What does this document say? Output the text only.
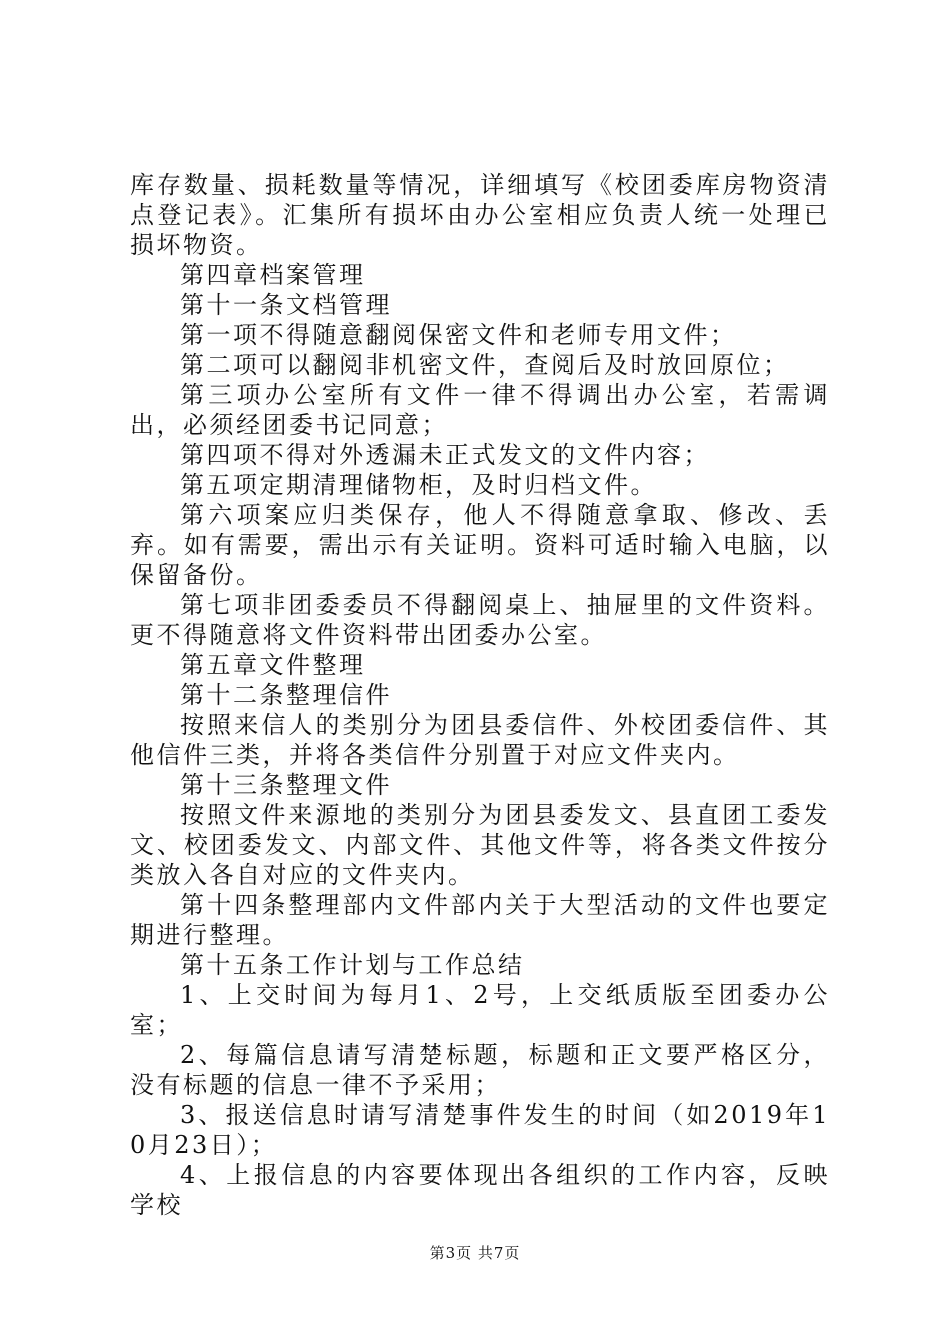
库存数量、损耗数量等情况，详细填写《校团委库房物资清点登记表》。汇集所有损坏由办公室相应负责人统一处理已损坏物资。

第四章档案管理

第十一条文档管理

第一项不得随意翻阅保密文件和老师专用文件；

第二项可以翻阅非机密文件，查阅后及时放回原位；

第三项办公室所有文件一律不得调出办公室，若需调出，必须经团委书记同意；

第四项不得对外透漏未正式发文的文件内容；

第五项定期清理储物柜，及时归档文件。

第六项案应归类保存，他人不得随意拿取、修改、丢弃。如有需要，需出示有关证明。资料可适时输入电脑，以保留备份。

第七项非团委委员不得翻阅桌上、抽屉里的文件资料。更不得随意将文件资料带出团委办公室。

第五章文件整理

第十二条整理信件

按照来信人的类别分为团县委信件、外校团委信件、其他信件三类，并将各类信件分别置于对应文件夹内。

第十三条整理文件

按照文件来源地的类别分为团县委发文、县直团工委发文、校团委发文、内部文件、其他文件等，将各类文件按分类放入各自对应的文件夹内。

第十四条整理部内文件部内关于大型活动的文件也要定期进行整理。

第十五条工作计划与工作总结

1、上交时间为每月1、2号，上交纸质版至团委办公室；

2、每篇信息请写清楚标题，标题和正文要严格区分，没有标题的信息一律不予采用；

3、报送信息时请写清楚事件发生的时间（如2019年10月23日）；

4、上报信息的内容要体现出各组织的工作内容，反映学校

第3页 共7页
